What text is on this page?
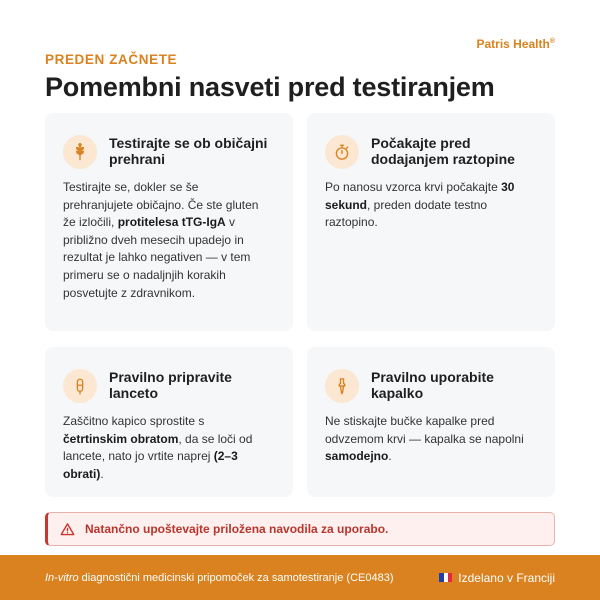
Patris Health®
PREDEN ZAČNETE
Pomembni nasveti pred testiranjem
Testirajte se ob običajni prehrani

Testirajte se, dokler se še prehranjujete običajno. Če ste gluten že izločili, protitelesa tTG-IgA v približno dveh mesecih upadejo in rezultat je lahko negativen — v tem primeru se o nadaljnjih korakih posvetujte z zdravnikom.

Počakajte pred dodajanjem raztopine

Po nanosu vzorca krvi počakajte 30 sekund, preden dodate testno raztopino.

Pravilno pripravite lanceto

Zaščitno kapico sprostite s četrtinskim obratom, da se loči od lancete, nato jo vrtite naprej (2–3 obrati).

Pravilno uporabite kapalko

Ne stiskajte bučke kapalke pred odvzemom krvi — kapalka se napolni samodejno.

Natančno upoštevajte priložena navodila za uporabo.
In-vitro diagnostični medicinski pripomoček za samotestiranje (CE0483)	Izdelano v Franciji
